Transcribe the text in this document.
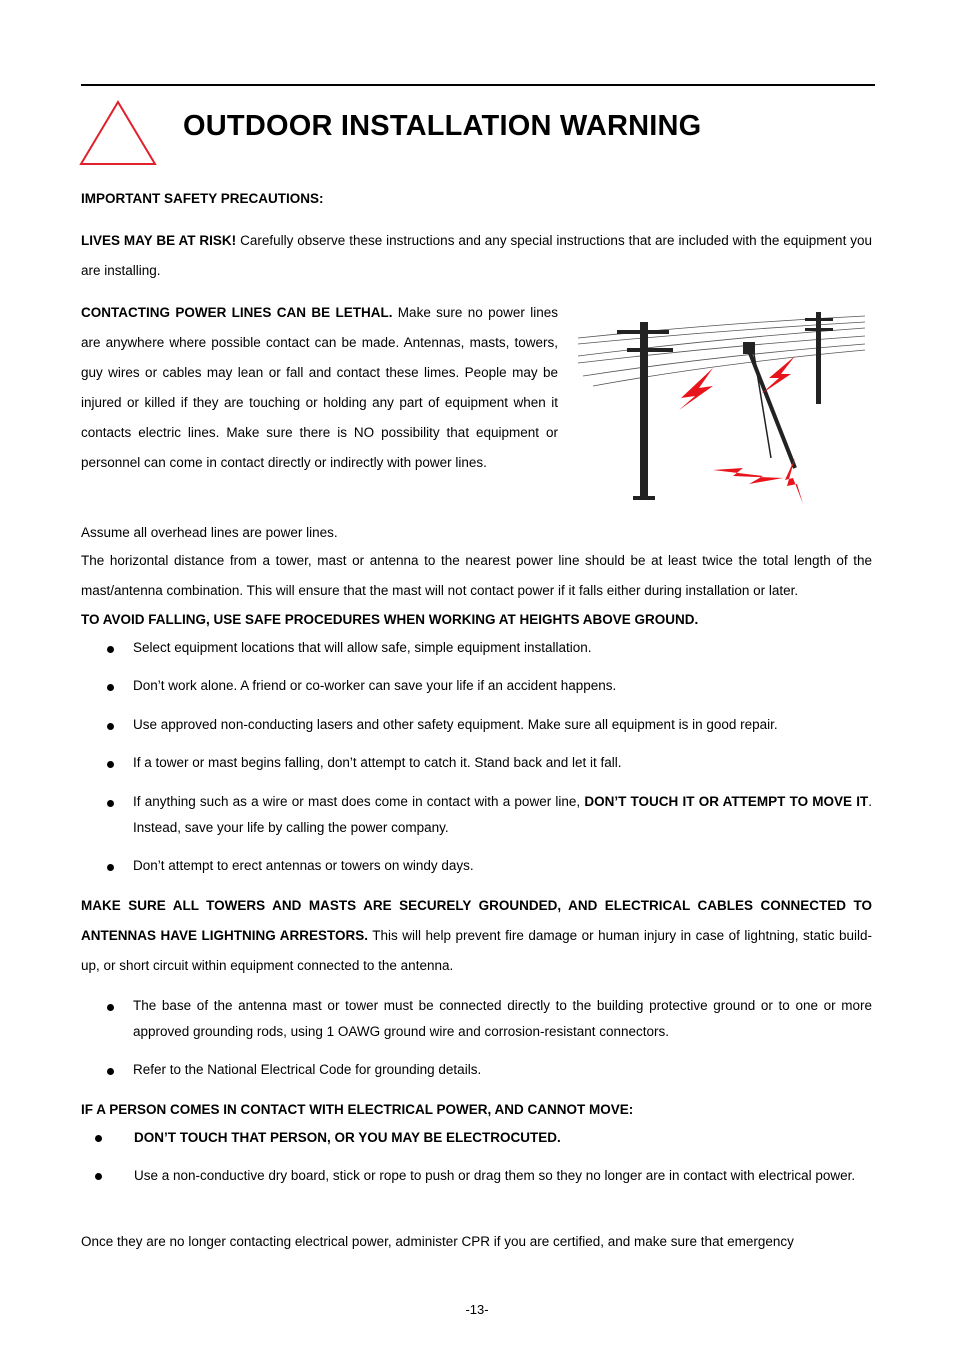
OUTDOOR INSTALLATION WARNING
IMPORTANT SAFETY PRECAUTIONS:
LIVES MAY BE AT RISK! Carefully observe these instructions and any special instructions that are included with the equipment you are installing.
CONTACTING POWER LINES CAN BE LETHAL. Make sure no power lines are anywhere where possible contact can be made. Antennas, masts, towers, guy wires or cables may lean or fall and contact these limes. People may be injured or killed if they are touching or holding any part of equipment when it contacts electric lines. Make sure there is NO possibility that equipment or personnel can come in contact directly or indirectly with power lines.
Assume all overhead lines are power lines.
The horizontal distance from a tower, mast or antenna to the nearest power line should be at least twice the total length of the mast/antenna combination. This will ensure that the mast will not contact power if it falls either during installation or later.
TO AVOID FALLING, USE SAFE PROCEDURES WHEN WORKING AT HEIGHTS ABOVE GROUND.
Select equipment locations that will allow safe, simple equipment installation.
Don’t work alone. A friend or co-worker can save your life if an accident happens.
Use approved non-conducting lasers and other safety equipment. Make sure all equipment is in good repair.
If a tower or mast begins falling, don’t attempt to catch it. Stand back and let it fall.
If anything such as a wire or mast does come in contact with a power line, DON’T TOUCH IT OR ATTEMPT TO MOVE IT. Instead, save your life by calling the power company.
Don’t attempt to erect antennas or towers on windy days.
MAKE SURE ALL TOWERS AND MASTS ARE SECURELY GROUNDED, AND ELECTRICAL CABLES CONNECTED TO ANTENNAS HAVE LIGHTNING ARRESTORS. This will help prevent fire damage or human injury in case of lightning, static build-up, or short circuit within equipment connected to the antenna.
The base of the antenna mast or tower must be connected directly to the building protective ground or to one or more approved grounding rods, using 1 OAWG ground wire and corrosion-resistant connectors.
Refer to the National Electrical Code for grounding details.
IF A PERSON COMES IN CONTACT WITH ELECTRICAL POWER, AND CANNOT MOVE:
DON’T TOUCH THAT PERSON, OR YOU MAY BE ELECTROCUTED.
Use a non-conductive dry board, stick or rope to push or drag them so they no longer are in contact with electrical power.
Once they are no longer contacting electrical power, administer CPR if you are certified, and make sure that emergency
-13-
